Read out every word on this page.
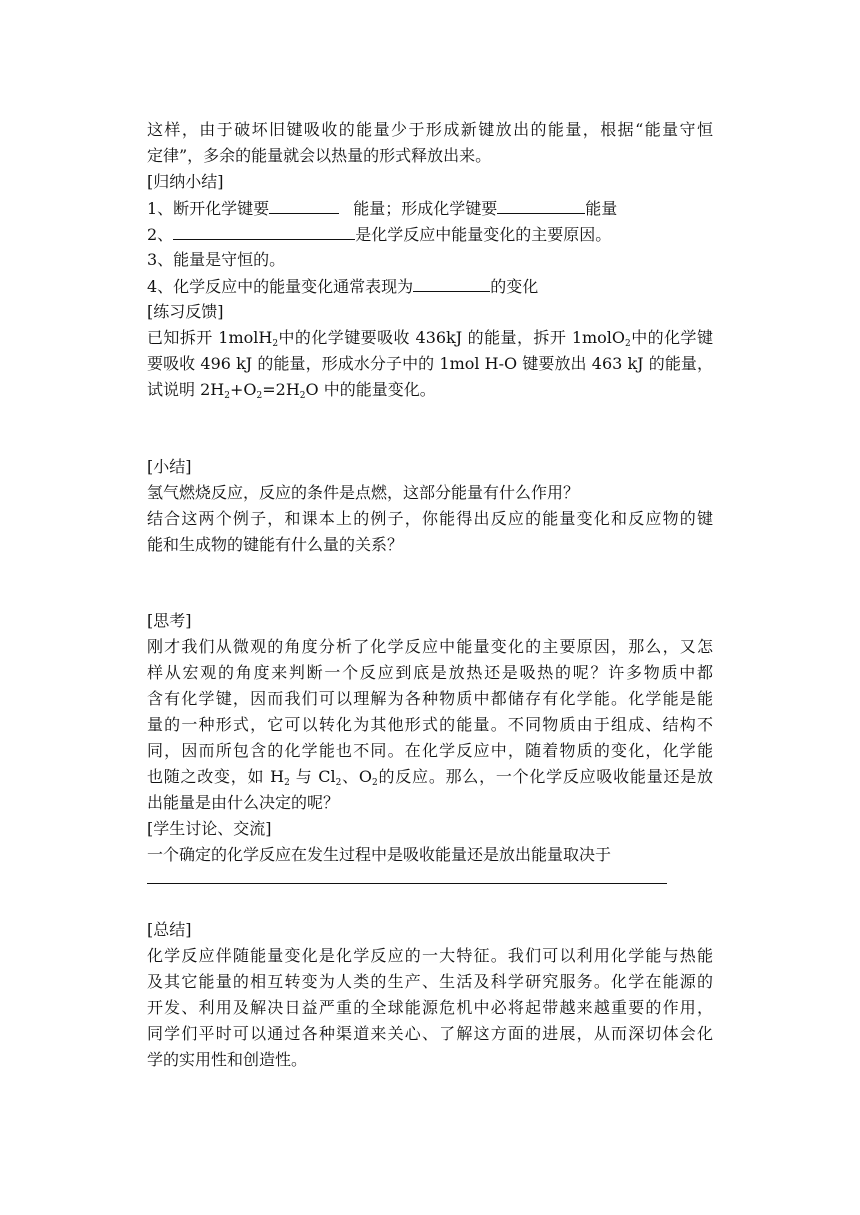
这样，由于破坏旧键吸收的能量少于形成新键放出的能量，根据“能量守恒
定律”，多余的能量就会以热量的形式释放出来。
[归纳小结]
1、断开化学键要	能量；形成化学键要	能量
2、	是化学反应中能量变化的主要原因。
3、能量是守恒的。
4、化学反应中的能量变化通常表现为	的变化
[练习反馈]
已知拆开 1molH$_2$中的化学键要吸收 436kJ 的能量，拆开 1molO$_2$中的化学键
要吸收 496 kJ 的能量，形成水分子中的 1mol H-O 键要放出 463 kJ 的能量，
试说明 $2H_2+O_2=2H_2O$ 中的能量变化。
[小结]
氢气燃烧反应，反应的条件是点燃，这部分能量有什么作用？
结合这两个例子，和课本上的例子，你能得出反应的能量变化和反应物的键
能和生成物的键能有什么量的关系？
[思考]
刚才我们从微观的角度分析了化学反应中能量变化的主要原因，那么，又怎
样从宏观的角度来判断一个反应到底是放热还是吸热的呢？许多物质中都
含有化学键，因而我们可以理解为各种物质中都储存有化学能。化学能是能
量的一种形式，它可以转化为其他形式的能量。不同物质由于组成、结构不
同，因而所包含的化学能也不同。在化学反应中，随着物质的变化，化学能
也随之改变，如 $H_2$ 与 $Cl_2$、$O_2$的反应。那么，一个化学反应吸收能量还是放
出能量是由什么决定的呢？
[学生讨论、交流]
一个确定的化学反应在发生过程中是吸收能量还是放出能量取决于
[总结]
化学反应伴随能量变化是化学反应的一大特征。我们可以利用化学能与热能
及其它能量的相互转变为人类的生产、生活及科学研究服务。化学在能源的
开发、利用及解决日益严重的全球能源危机中必将起带越来越重要的作用，
同学们平时可以通过各种渠道来关心、了解这方面的进展，从而深切体会化
学的实用性和创造性。
